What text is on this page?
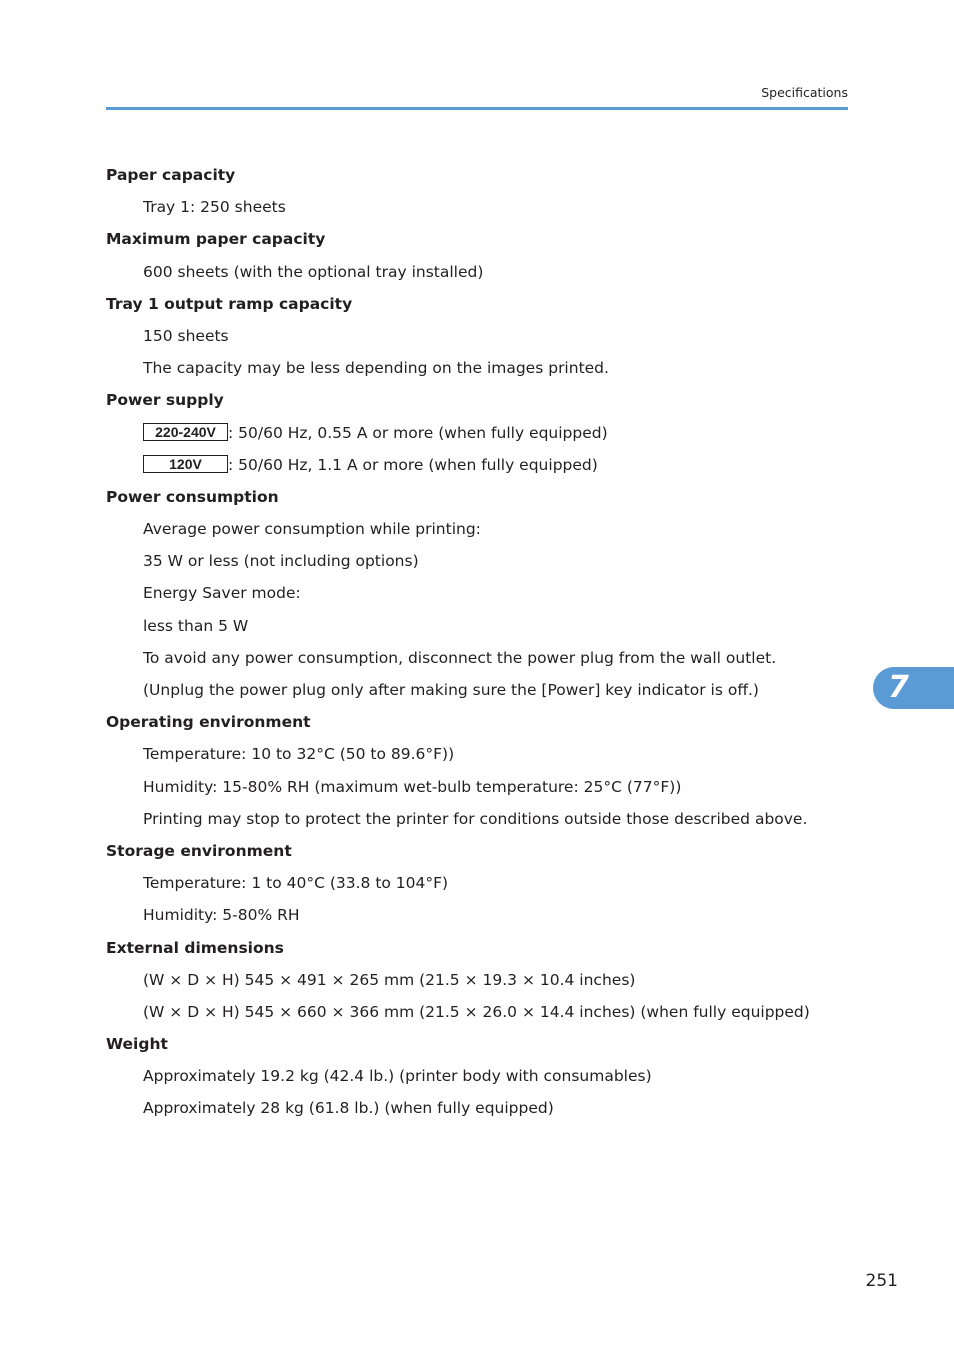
Specifications
Paper capacity
Tray 1: 250 sheets
Maximum paper capacity
600 sheets (with the optional tray installed)
Tray 1 output ramp capacity
150 sheets
The capacity may be less depending on the images printed.
Power supply
220-240V : 50/60 Hz, 0.55 A or more (when fully equipped)
120V : 50/60 Hz, 1.1 A or more (when fully equipped)
Power consumption
Average power consumption while printing:
35 W or less (not including options)
Energy Saver mode:
less than 5 W
To avoid any power consumption, disconnect the power plug from the wall outlet.
(Unplug the power plug only after making sure the [Power] key indicator is off.)
Operating environment
Temperature: 10 to 32°C (50 to 89.6°F))
Humidity: 15-80% RH (maximum wet-bulb temperature: 25°C (77°F))
Printing may stop to protect the printer for conditions outside those described above.
Storage environment
Temperature: 1 to 40°C (33.8 to 104°F)
Humidity: 5-80% RH
External dimensions
(W × D × H) 545 × 491 × 265 mm (21.5 × 19.3 × 10.4 inches)
(W × D × H) 545 × 660 × 366 mm (21.5 × 26.0 × 14.4 inches) (when fully equipped)
Weight
Approximately 19.2 kg (42.4 lb.) (printer body with consumables)
Approximately 28 kg (61.8 lb.) (when fully equipped)
7
251
